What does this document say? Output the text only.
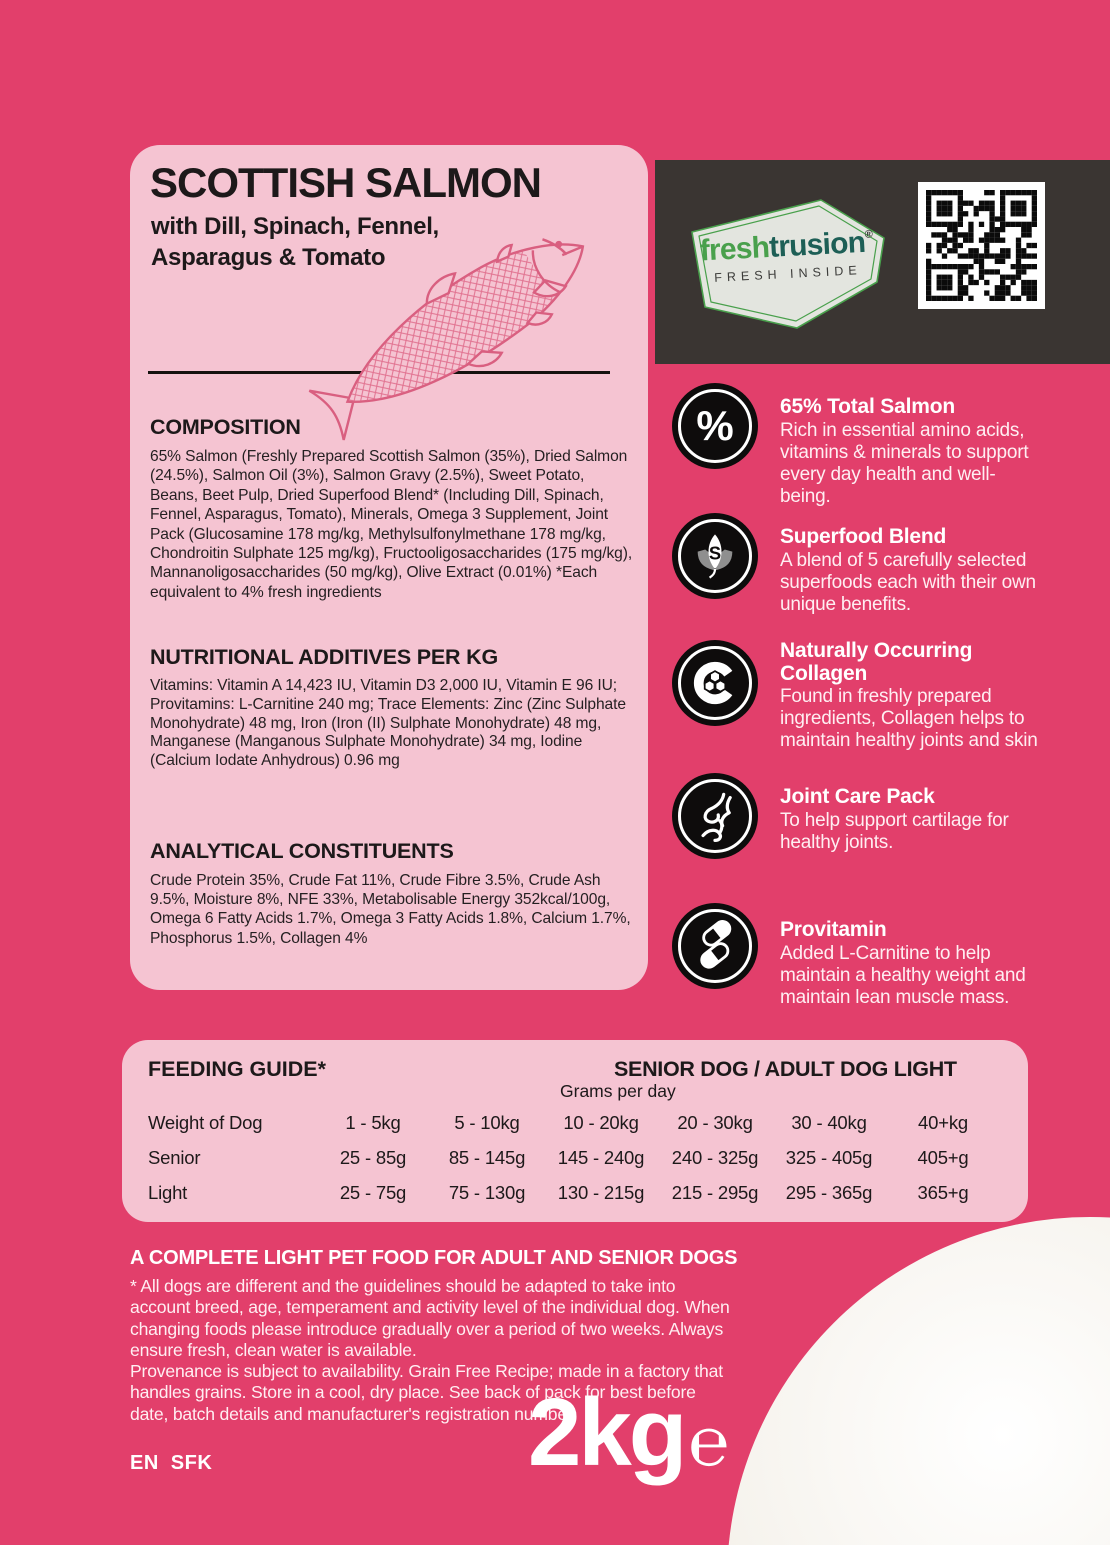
SCOTTISH SALMON
with Dill, Spinach, Fennel,
Asparagus & Tomato
COMPOSITION

65% Salmon (Freshly Prepared Scottish Salmon (35%), Dried Salmon (24.5%), Salmon Oil (3%), Salmon Gravy (2.5%), Sweet Potato, Beans, Beet Pulp, Dried Superfood Blend* (Including Dill, Spinach, Fennel, Asparagus, Tomato), Minerals, Omega 3 Supplement, Joint Pack (Glucosamine 178 mg/kg, Methylsulfonylmethane 178 mg/kg, Chondroitin Sulphate 125 mg/kg), Fructooligosaccharides (175 mg/kg), Mannanoligosaccharides (50 mg/kg), Olive Extract (0.01%) *Each equivalent to 4% fresh ingredients

NUTRITIONAL ADDITIVES PER KG

Vitamins: Vitamin A 14,423 IU, Vitamin D3 2,000 IU, Vitamin E 96 IU; Provitamins: L-Carnitine 240 mg; Trace Elements: Zinc (Zinc Sulphate Monohydrate) 48 mg, Iron (Iron (II) Sulphate Monohydrate) 48 mg, Manganese (Manganous Sulphate Monohydrate) 34 mg, Iodine (Calcium Iodate Anhydrous) 0.96 mg

ANALYTICAL CONSTITUENTS

Crude Protein 35%, Crude Fat 11%, Crude Fibre 3.5%, Crude Ash 9.5%, Moisture 8%, NFE 33%, Metabolisable Energy 352kcal/100g, Omega 6 Fatty Acids 1.7%, Omega 3 Fatty Acids 1.8%, Calcium 1.7%, Phosphorus 1.5%, Collagen 4%

freshtrusion®
FRESH INSIDE
% 65% Total Salmon

Rich in essential amino acids, vitamins & minerals to support every day health and well-being.

S
Superfood Blend

A blend of 5 carefully selected superfoods each with their own unique benefits.

Naturally Occurring Collagen

Found in freshly prepared ingredients, Collagen helps to maintain healthy joints and skin

Joint Care Pack

To help support cartilage for healthy joints.

Provitamin

Added L-Carnitine to help maintain a healthy weight and maintain lean muscle mass.

FEEDING GUIDE*	SENIOR DOG / ADULT DOG LIGHT
Grams per day
Weight of Dog	1 - 5kg	5 - 10kg	10 - 20kg	20 - 30kg	30 - 40kg	40+kg
Senior	25 - 85g	85 - 145g	145 - 240g	240 - 325g	325 - 405g	405+g
Light	25 - 75g	75 - 130g	130 - 215g	215 - 295g	295 - 365g	365+g
A COMPLETE LIGHT PET FOOD FOR ADULT AND SENIOR DOGS

* All dogs are different and the guidelines should be adapted to take into account breed, age, temperament and activity level of the individual dog. When changing foods please introduce gradually over a period of two weeks. Always ensure fresh, clean water is available.

Provenance is subject to availability. Grain Free Recipe; made in a factory that handles grains. Store in a cool, dry place. See back of pack for best before date, batch details and manufacturer's registration number.

2kg℮
EN SFK
